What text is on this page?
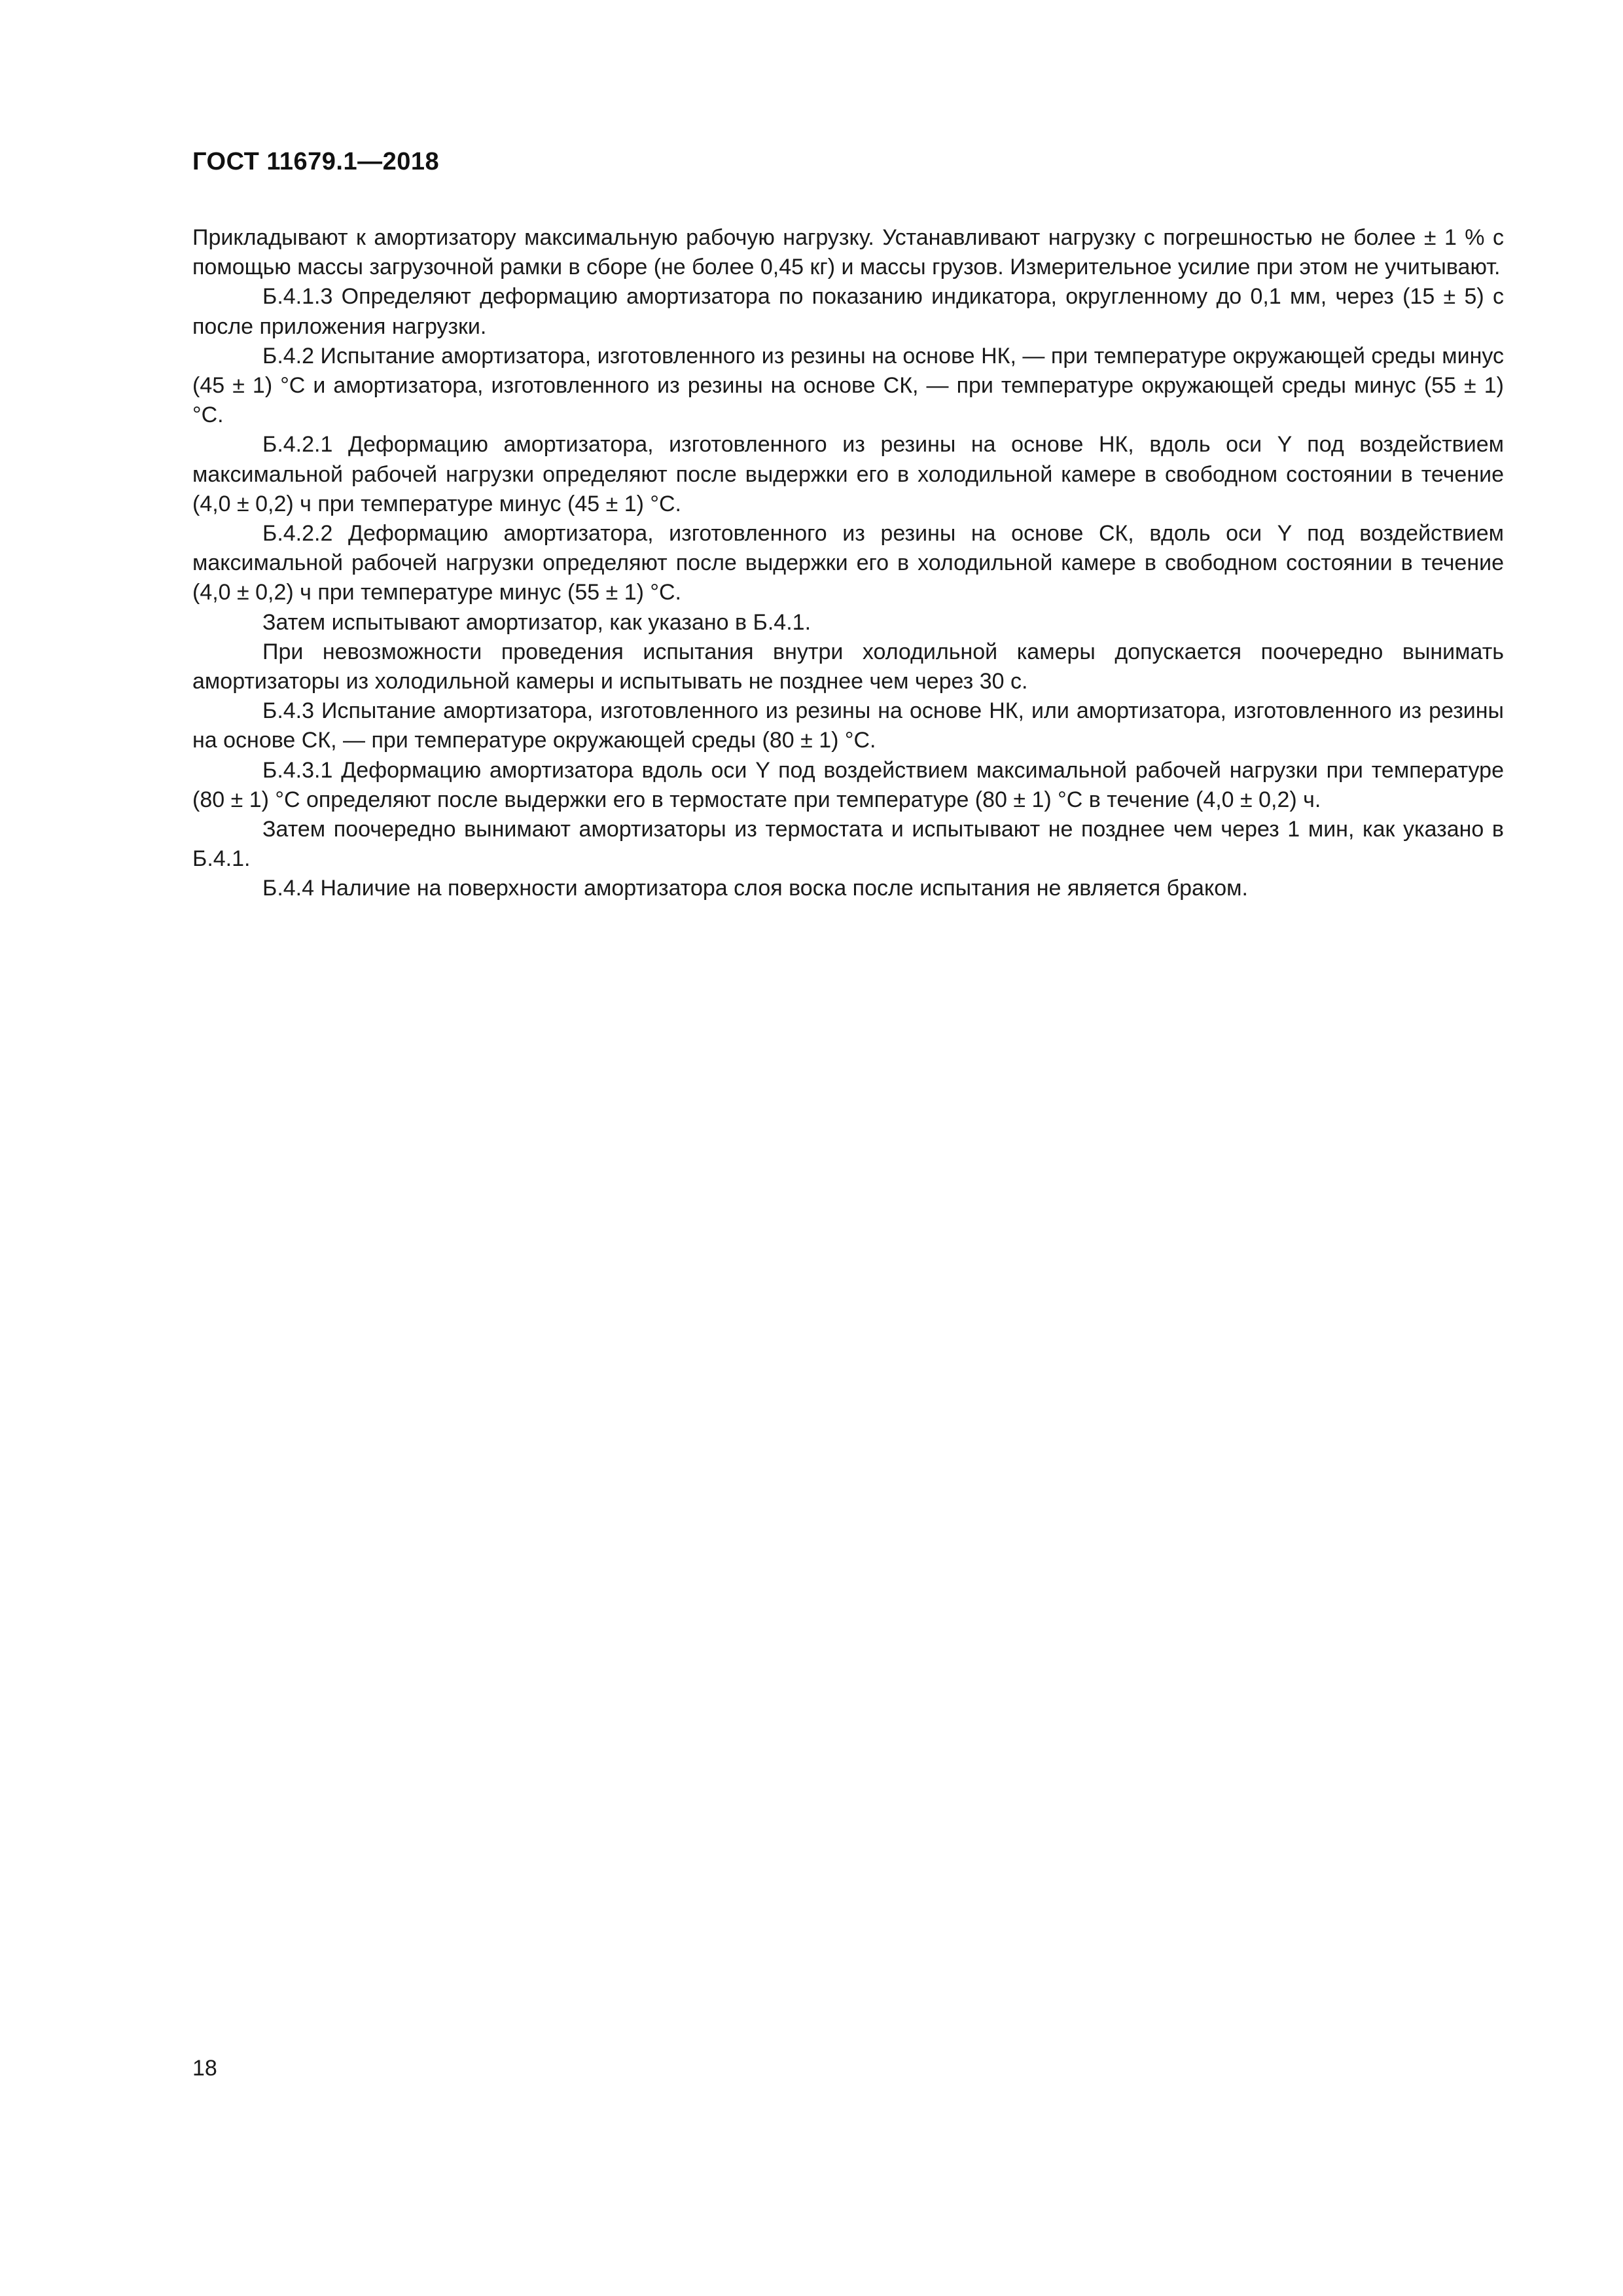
ГОСТ 11679.1—2018

Прикладывают к амортизатору максимальную рабочую нагрузку. Устанавливают нагрузку с погрешностью не более ± 1 % с помощью массы загрузочной рамки в сборе (не более 0,45 кг) и массы грузов. Измерительное усилие при этом не учитывают.

Б.4.1.3 Определяют деформацию амортизатора по показанию индикатора, округленному до 0,1 мм, через (15 ± 5) с после приложения нагрузки.

Б.4.2 Испытание амортизатора, изготовленного из резины на основе НК, — при температуре окружающей среды минус (45 ± 1) °С и амортизатора, изготовленного из резины на основе СК, — при температуре окружающей среды минус (55 ± 1) °С.

Б.4.2.1 Деформацию амортизатора, изготовленного из резины на основе НК, вдоль оси Y под воздействием максимальной рабочей нагрузки определяют после выдержки его в холодильной камере в свободном состоянии в течение (4,0 ± 0,2) ч при температуре минус (45 ± 1) °С.

Б.4.2.2 Деформацию амортизатора, изготовленного из резины на основе СК, вдоль оси Y под воздействием максимальной рабочей нагрузки определяют после выдержки его в холодильной камере в свободном состоянии в течение (4,0 ± 0,2) ч при температуре минус (55 ± 1) °С.

Затем испытывают амортизатор, как указано в Б.4.1.

При невозможности проведения испытания внутри холодильной камеры допускается поочередно вынимать амортизаторы из холодильной камеры и испытывать не позднее чем через 30 с.

Б.4.3 Испытание амортизатора, изготовленного из резины на основе НК, или амортизатора, изготовленного из резины на основе СК, — при температуре окружающей среды (80 ± 1) °С.

Б.4.3.1 Деформацию амортизатора вдоль оси Y под воздействием максимальной рабочей нагрузки при температуре (80 ± 1) °С определяют после выдержки его в термостате при температуре (80 ± 1) °С в течение (4,0 ± 0,2) ч.

Затем поочередно вынимают амортизаторы из термостата и испытывают не позднее чем через 1 мин, как указано в Б.4.1.

Б.4.4 Наличие на поверхности амортизатора слоя воска после испытания не является браком.

18
